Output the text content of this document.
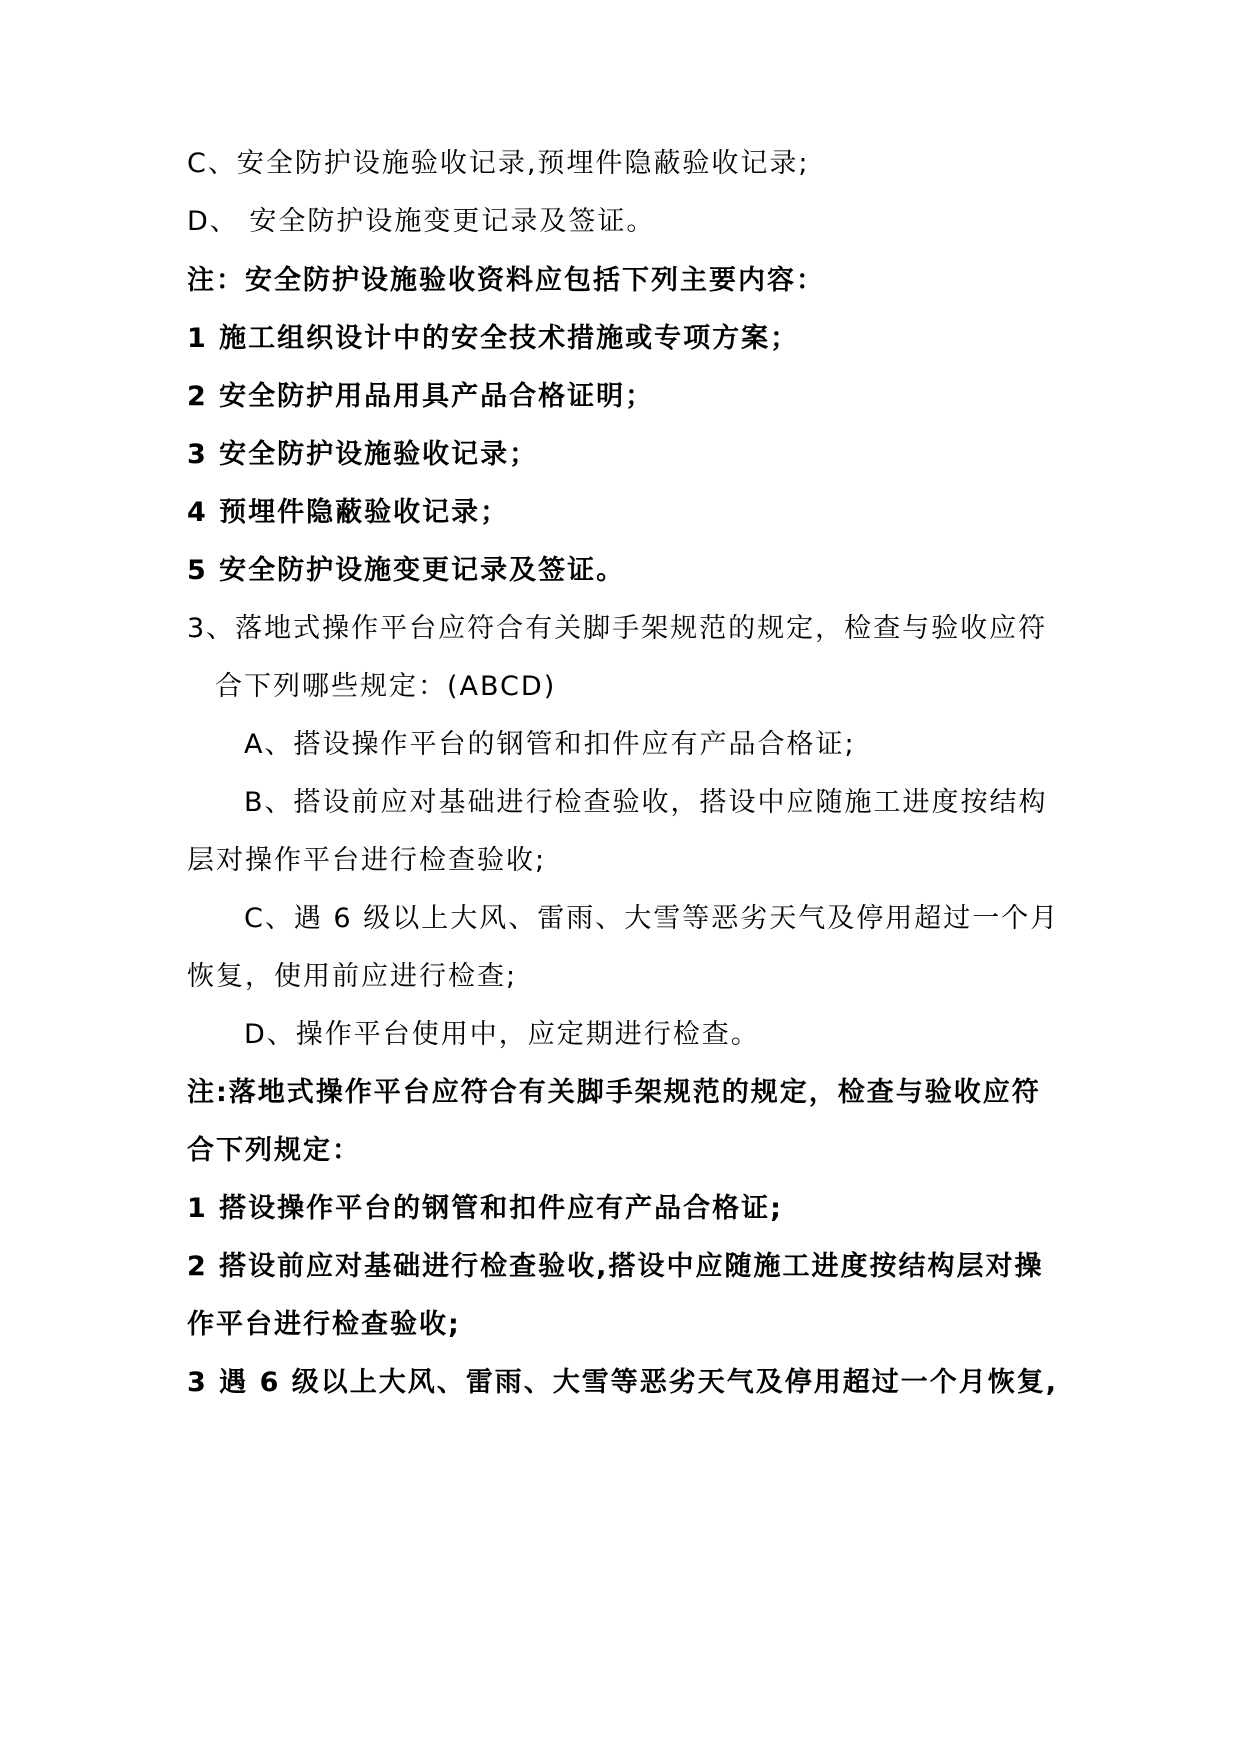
C、安全防护设施验收记录,预埋件隐蔽验收记录;
D、 安全防护设施变更记录及签证。
注：安全防护设施验收资料应包括下列主要内容：
1 施工组织设计中的安全技术措施或专项方案；
2 安全防护用品用具产品合格证明；
3 安全防护设施验收记录；
4 预埋件隐蔽验收记录；
5 安全防护设施变更记录及签证。
3、落地式操作平台应符合有关脚手架规范的规定，检查与验收应符
合下列哪些规定：(ABCD)
A、搭设操作平台的钢管和扣件应有产品合格证;
B、搭设前应对基础进行检查验收，搭设中应随施工进度按结构
层对操作平台进行检查验收;
C、遇 6 级以上大风、雷雨、大雪等恶劣天气及停用超过一个月
恢复，使用前应进行检查;
D、操作平台使用中，应定期进行检查。
注:落地式操作平台应符合有关脚手架规范的规定，检查与验收应符
合下列规定：
1 搭设操作平台的钢管和扣件应有产品合格证;
2 搭设前应对基础进行检查验收,搭设中应随施工进度按结构层对操
作平台进行检查验收;
3 遇 6 级以上大风、雷雨、大雪等恶劣天气及停用超过一个月恢复,
